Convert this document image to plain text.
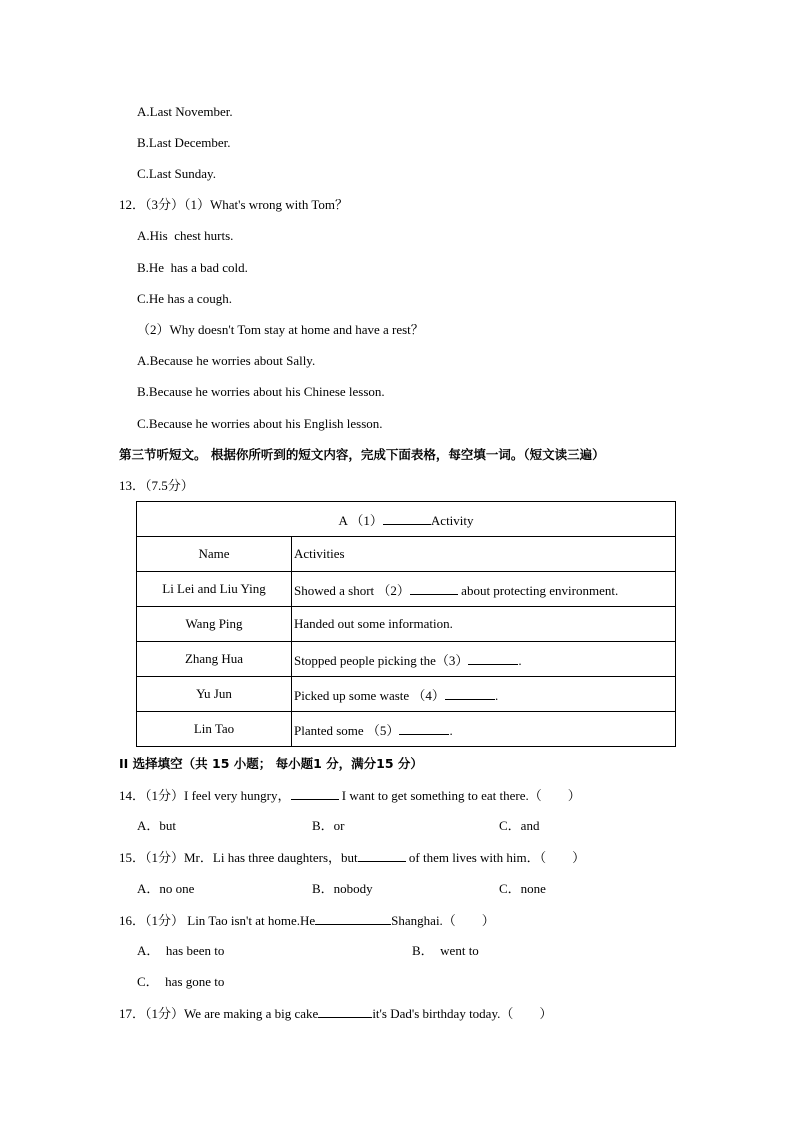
A.Last November.
B.Last December.
C.Last Sunday.
12．（3分）（1）What's wrong with Tom？
A.His  chest hurts.
B.He  has a bad cold.
C.He has a cough.
（2）Why doesn't Tom stay at home and have a rest？
A.Because he worries about Sally.
B.Because he worries about his Chinese lesson.
C.Because he worries about his English lesson.
第三节听短文。 根据你所听到的短文内容，完成下面表格，每空填一词。（短文读三遍）
13．（7.5分）
A （1） Activity	
Name	Activities
Li Lei and Liu Ying	Showed a short （2） about protecting environment.
Wang Ping	Handed out some information.
Zhang Hua	Stopped people picking the（3） .
Yu Jun	Picked up some waste （4） .
Lin Tao	Planted some （5） .
II 选择填空（共 15 小题； 每小题1 分，满分15 分）
14．（1分）I feel very hungry，	I want to get something to eat there.（　　）
A．but	B．or	C．and
15．（1分）Mr．Li has three daughters，but	of them lives with him．（　　）
A．no one	B．nobody	C．none
16．（1分） Lin Tao isn't at home.He	Shanghai.（　　）
A．  has been to	B．  went to
C．  has gone to
17．（1分）We are making a big cake	it's Dad's birthday today.（　　）
